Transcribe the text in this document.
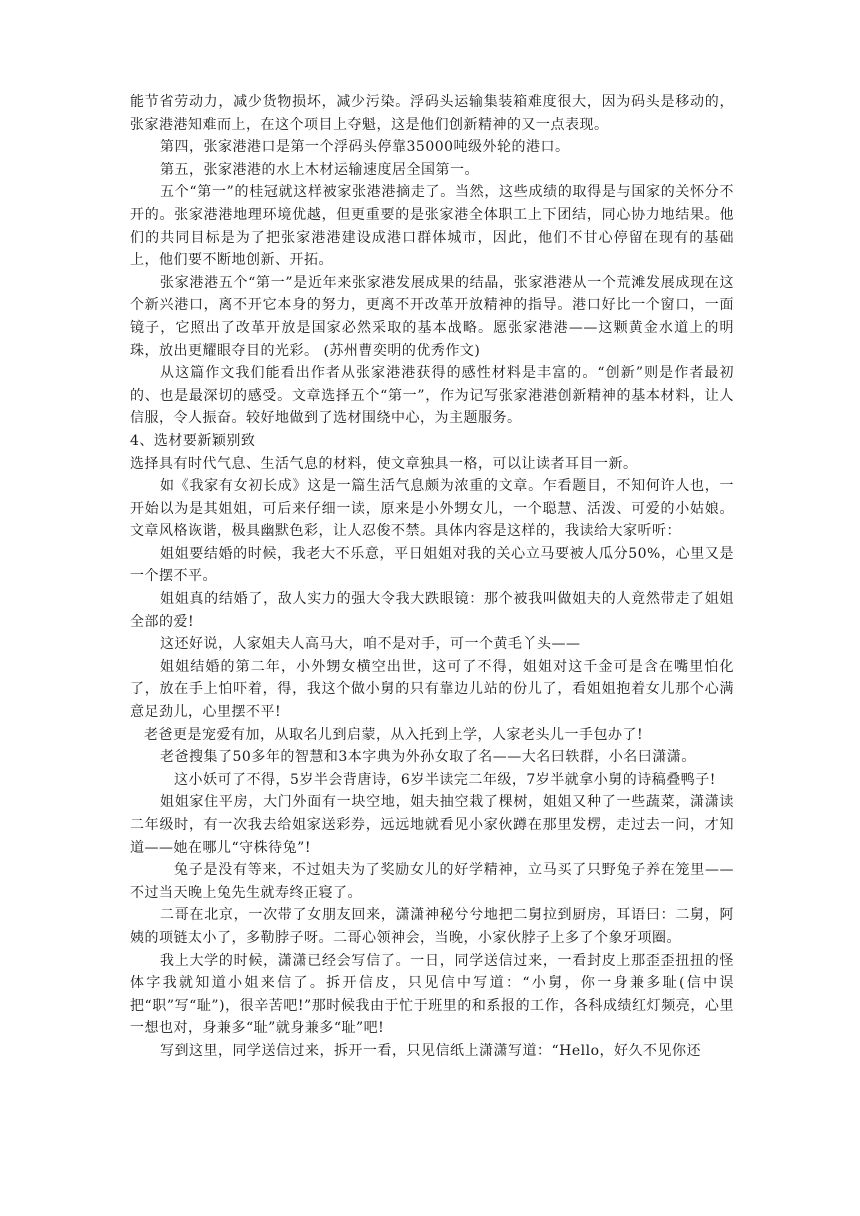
能节省劳动力，减少货物损坏，减少污染。浮码头运输集装箱难度很大，因为码头是移动的，张家港港知难而上，在这个项目上夺魁，这是他们创新精神的又一点表现。

第四，张家港港口是第一个浮码头停靠35000吨级外轮的港口。

第五，张家港港的水上木材运输速度居全国第一。

五个“第一”的桂冠就这样被家张港港摘走了。当然，这些成绩的取得是与国家的关怀分不开的。张家港港地理环境优越，但更重要的是张家港全体职工上下团结，同心协力地结果。他们的共同目标是为了把张家港港建设成港口群体城市，因此，他们不甘心停留在现有的基础上，他们要不断地创新、开拓。

张家港港五个“第一”是近年来张家港发展成果的结晶，张家港港从一个荒滩发展成现在这个新兴港口，离不开它本身的努力，更离不开改革开放精神的指导。港口好比一个窗口，一面镜子，它照出了改革开放是国家必然采取的基本战略。愿张家港港——这颗黄金水道上的明珠，放出更耀眼夺目的光彩。 (苏州曹奕明的优秀作文)

从这篇作文我们能看出作者从张家港港获得的感性材料是丰富的。“创新”则是作者最初的、也是最深切的感受。文章选择五个“第一”，作为记写张家港港创新精神的基本材料，让人信服，令人振奋。较好地做到了选材围绕中心，为主题服务。

4、选材要新颖别致

选择具有时代气息、生活气息的材料，使文章独具一格，可以让读者耳目一新。

如《我家有女初长成》这是一篇生活气息颇为浓重的文章。乍看题目，不知何许人也，一开始以为是其姐姐，可后来仔细一读，原来是小外甥女儿，一个聪慧、活泼、可爱的小姑娘。文章风格诙谐，极具幽默色彩，让人忍俊不禁。具体内容是这样的，我读给大家听听：

姐姐要结婚的时候，我老大不乐意，平日姐姐对我的关心立马要被人瓜分50%，心里又是一个摆不平。

姐姐真的结婚了，敌人实力的强大令我大跌眼镜：那个被我叫做姐夫的人竟然带走了姐姐全部的爱!

这还好说，人家姐夫人高马大，咱不是对手，可一个黄毛丫头——

姐姐结婚的第二年，小外甥女横空出世，这可了不得，姐姐对这千金可是含在嘴里怕化了，放在手上怕吓着，得，我这个做小舅的只有靠边儿站的份儿了，看姐姐抱着女儿那个心满意足劲儿，心里摆不平!

老爸更是宠爱有加，从取名儿到启蒙，从入托到上学，人家老头儿一手包办了!

老爸搜集了50多年的智慧和3本字典为外孙女取了名——大名曰轶群，小名曰潇潇。

这小妖可了不得，5岁半会背唐诗，6岁半读完二年级，7岁半就拿小舅的诗稿叠鸭子!

姐姐家住平房，大门外面有一块空地，姐夫抽空栽了棵树，姐姐又种了一些蔬菜，潇潇读二年级时，有一次我去给姐家送彩券，远远地就看见小家伙蹲在那里发楞，走过去一问，才知道——她在哪儿“守株待兔”!

兔子是没有等来，不过姐夫为了奖励女儿的好学精神，立马买了只野兔子养在笼里——不过当天晚上兔先生就寿终正寝了。

二哥在北京，一次带了女朋友回来，潇潇神秘兮兮地把二舅拉到厨房，耳语曰：二舅，阿姨的项链太小了，多勒脖子呀。二哥心领神会，当晚，小家伙脖子上多了个象牙项圈。

我上大学的时候，潇潇已经会写信了。一日，同学送信过来，一看封皮上那歪歪扭扭的怪体字我就知道小姐来信了。拆开信皮，只见信中写道：“小舅，你一身兼多耻(信中误把“职”写“耻”)，很辛苦吧!”那时候我由于忙于班里的和系报的工作，各科成绩红灯频亮，心里一想也对，身兼多“耻”就身兼多“耻”吧!

写到这里，同学送信过来，拆开一看，只见信纸上潇潇写道：“Hello，好久不见你还
